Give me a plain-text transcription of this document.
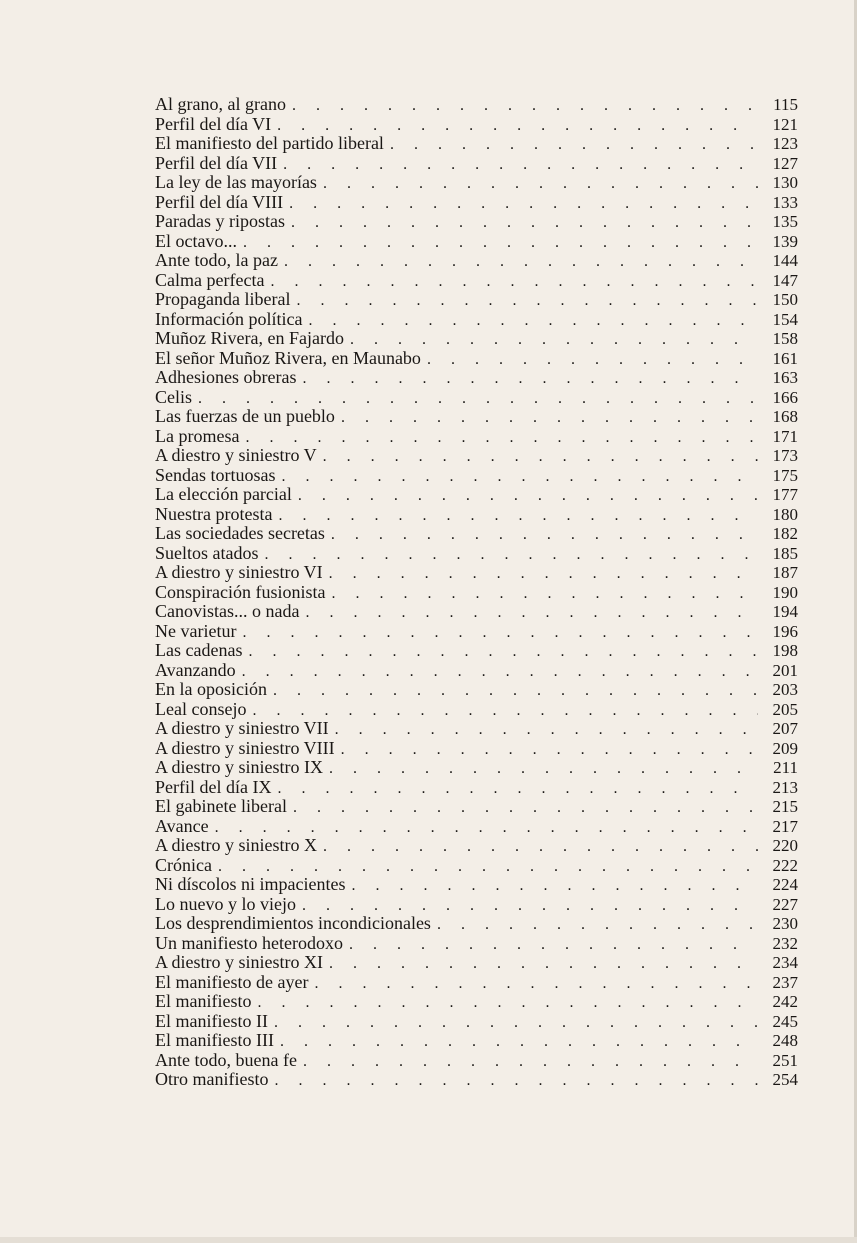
Al grano, al grano . . .	115
Perfil del día VI . . .	121
El manifiesto del partido liberal . . .	123
Perfil del día VII . . .	127
La ley de las mayorías . . .	130
Perfil del día VIII . . .	133
Paradas y ripostas . . .	135
El octavo... . . .	139
Ante todo, la paz . . .	144
Calma perfecta . . .	147
Propaganda liberal . . .	150
Información política . . .	154
Muñoz Rivera, en Fajardo . . .	158
El señor Muñoz Rivera, en Maunabo . . .	161
Adhesiones obreras . . .	163
Celis . . .	166
Las fuerzas de un pueblo . . .	168
La promesa . . .	171
A diestro y siniestro V . . .	173
Sendas tortuosas . . .	175
La elección parcial . . .	177
Nuestra protesta . . .	180
Las sociedades secretas . . .	182
Sueltos atados . . .	185
A diestro y siniestro VI . . .	187
Conspiración fusionista . . .	190
Canovistas... o nada . . .	194
Ne varietur . . .	196
Las cadenas . . .	198
Avanzando . . .	201
En la oposición . . .	203
Leal consejo . . .	205
A diestro y siniestro VII . . .	207
A diestro y siniestro VIII . . .	209
A diestro y siniestro IX . . .	211
Perfil del día IX . . .	213
El gabinete liberal . . .	215
Avance . . .	217
A diestro y siniestro X . . .	220
Crónica . . .	222
Ni díscolos ni impacientes . . .	224
Lo nuevo y lo viejo . . .	227
Los desprendimientos incondicionales . . .	230
Un manifiesto heterodoxo . . .	232
A diestro y siniestro XI . . .	234
El manifiesto de ayer . . .	237
El manifiesto . . .	242
El manifiesto II . . .	245
El manifiesto III . . .	248
Ante todo, buena fe . . .	251
Otro manifiesto . . .	254
